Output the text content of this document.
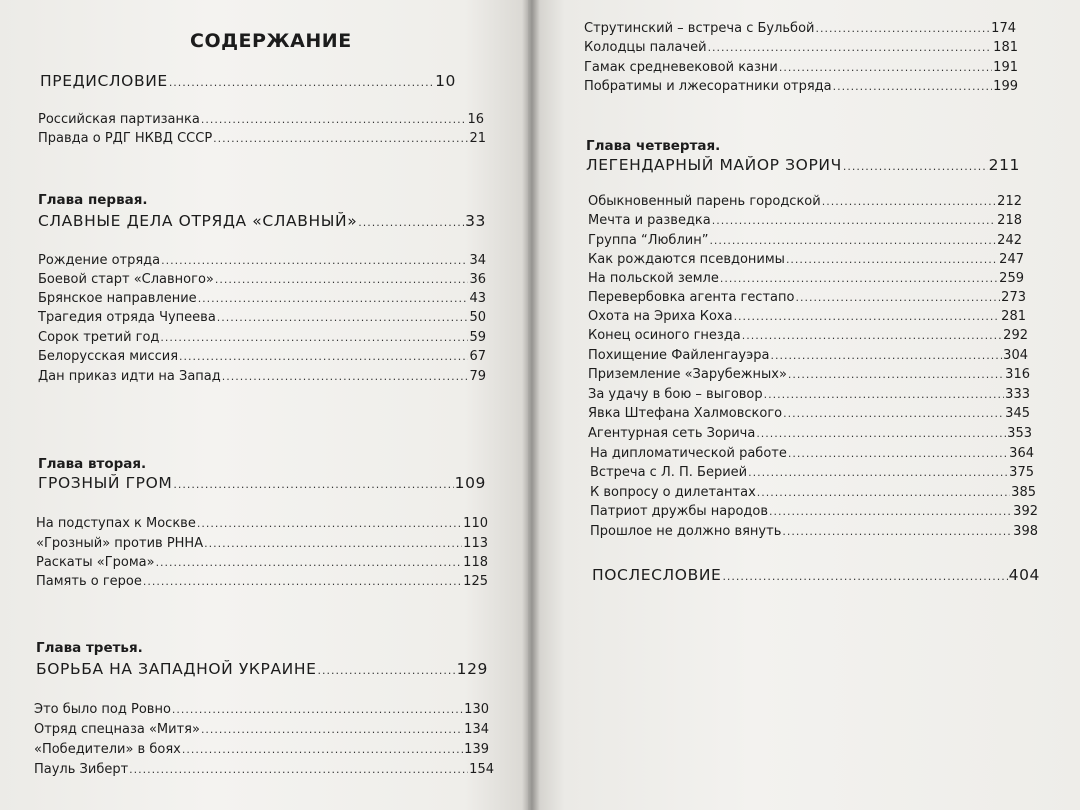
СОДЕРЖАНИЕ
ПРЕДИСЛОВИЕ .....	10
Российская партизанка .....	16
Правда о РДГ НКВД СССР .....	21
Глава первая.
СЛАВНЫЕ ДЕЛА ОТРЯДА «СЛАВНЫЙ» .....	33
Рождение отряда .....	34
Боевой старт «Славного» .....	36
Брянское направление .....	43
Трагедия отряда Чупеева .....	50
Сорок третий год .....	59
Белорусская миссия .....	67
Дан приказ идти на Запад .....	79
Глава вторая.
ГРОЗНЫЙ ГРОМ .....	109
На подступах к Москве .....	110
«Грозный» против РННА .....	113
Раскаты «Грома» .....	118
Память о герое .....	125
Глава третья.
БОРЬБА НА ЗАПАДНОЙ УКРАИНЕ .....	129
Это было под Ровно .....	130
Отряд спецназа «Митя» .....	134
«Победители» в боях .....	139
Пауль Зиберт .....	154
Струтинский – встреча с Бульбой .....	174
Колодцы палачей .....	181
Гамак средневековой казни .....	191
Побратимы и лжесоратники отряда .....	199
Глава четвертая.
ЛЕГЕНДАРНЫЙ МАЙОР ЗОРИЧ .....	211
Обыкновенный парень городской .....	212
Мечта и разведка .....	218
Группа “Люблин” .....	242
Как рождаются псевдонимы .....	247
На польской земле .....	259
Перевербовка агента гестапо .....	273
Охота на Эриха Коха .....	281
Конец осиного гнезда .....	292
Похищение Файленгауэра .....	304
Приземление «Зарубежных» .....	316
За удачу в бою – выговор .....	333
Явка Штефана Халмовского .....	345
Агентурная сеть Зорича .....	353
На дипломатической работе .....	364
Встреча с Л. П. Берией .....	375
К вопросу о дилетантах .....	385
Патриот дружбы народов .....	392
Прошлое не должно вянуть .....	398
ПОСЛЕСЛОВИЕ .....	404
